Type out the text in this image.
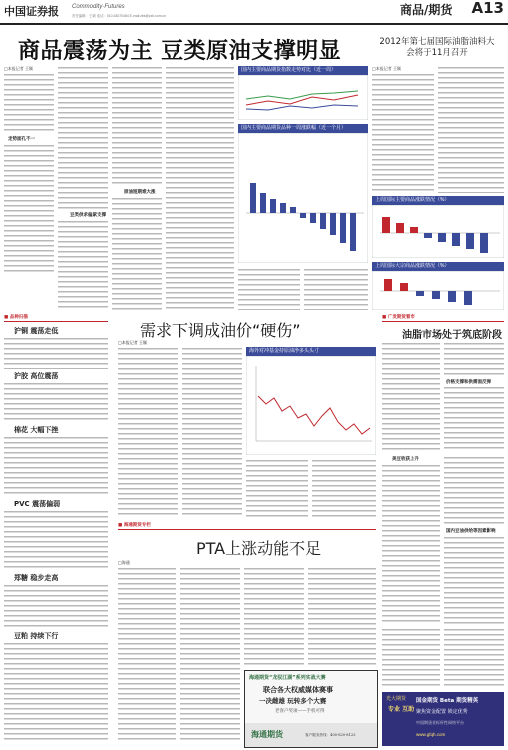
中国证券报 Commodity·Futures
责任编辑：王颖 电话：010-63070484 E-mail:zbs@zzb.com.cn	商品/期货 A13
商品震荡为主 豆类原油支撑明显	2012年第七届国际油脂油料大会将于11月召开
□本报记者 王颖
走势面孔不一
豆类供求偏紧支撑
原油短期难大涨
国内主要商品期货指数走势对比（近一周）
国内主要商品期货品种一周涨跌幅（近一个月）
□本报记者 王颖
上周国际主要商品涨跌情况（%）
上周国际大宗商品涨跌情况（%）
■ 品种扫描
沪铜 震荡走低
沪胶 高位震荡
棉花 大幅下挫
PVC 震荡偏弱
郑糖 稳步走高
豆粕 持续下行
需求下调成油价“硬伤”
□本报记者 王颖
海外对冲基金持原油净多头头寸
■ 广发期货看市
油脂市场处于筑底阶段
价格支撑和供需面反弹
美豆收获上升
国内豆油供给等因素影响
■ 海通期货专栏
PTA上涨动能不足
□海通
海通期货“龙驭江湖”系列实战大赛
联合各大权威媒体赛事
一决雌雄 玩转多个大赛
老客户奖项——手机可得
海通期货	客户服务热线：400-820-8123
光大期货
专业 互助
国金期货 Beta 期货精英
聚焦资金配置 锁定优秀
中国期货业标杆性网络平台
www.gfqh.com
